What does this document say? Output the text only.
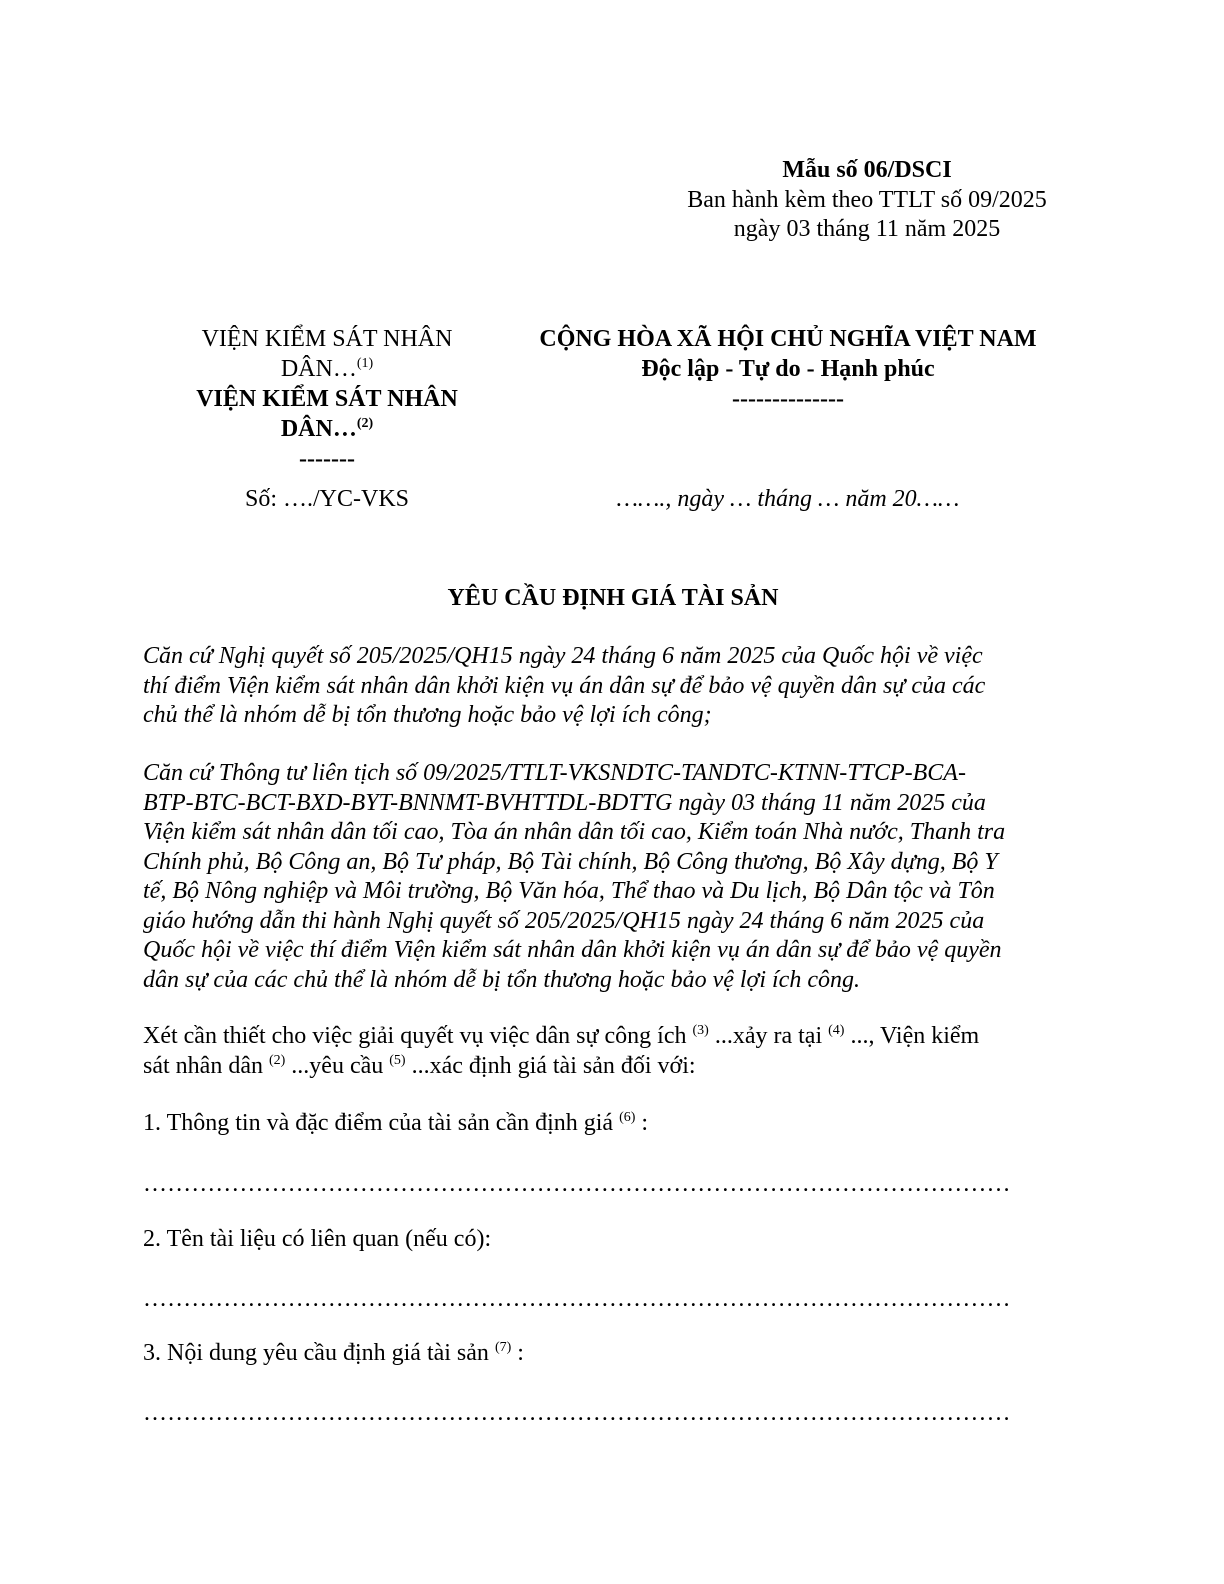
Mẫu số 06/DSCI
Ban hành kèm theo TTLT số 09/2025
ngày 03 tháng 11 năm 2025
VIỆN KIỂM SÁT NHÂN
DÂN…$^{(1)}$
VIỆN KIỂM SÁT NHÂN
DÂN…$^{(2)}$
-------
CỘNG HÒA XÃ HỘI CHỦ NGHĨA VIỆT NAM
Độc lập - Tự do - Hạnh phúc
--------------
Số: …./YC-VKS	……., ngày … tháng … năm 20……
YÊU CẦU ĐỊNH GIÁ TÀI SẢN
Căn cứ Nghị quyết số 205/2025/QH15 ngày 24 tháng 6 năm 2025 của Quốc hội về việc
thí điểm Viện kiểm sát nhân dân khởi kiện vụ án dân sự để bảo vệ quyền dân sự của các
chủ thể là nhóm dễ bị tổn thương hoặc bảo vệ lợi ích công;
Căn cứ Thông tư liên tịch số 09/2025/TTLT-VKSNDTC-TANDTC-KTNN-TTCP-BCA-
BTP-BTC-BCT-BXD-BYT-BNNMT-BVHTTDL-BDTTG ngày 03 tháng 11 năm 2025 của
Viện kiểm sát nhân dân tối cao, Tòa án nhân dân tối cao, Kiểm toán Nhà nước, Thanh tra
Chính phủ, Bộ Công an, Bộ Tư pháp, Bộ Tài chính, Bộ Công thương, Bộ Xây dựng, Bộ Y
tế, Bộ Nông nghiệp và Môi trường, Bộ Văn hóa, Thể thao và Du lịch, Bộ Dân tộc và Tôn
giáo hướng dẫn thi hành Nghị quyết số 205/2025/QH15 ngày 24 tháng 6 năm 2025 của
Quốc hội về việc thí điểm Viện kiểm sát nhân dân khởi kiện vụ án dân sự để bảo vệ quyền
dân sự của các chủ thể là nhóm dễ bị tổn thương hoặc bảo vệ lợi ích công.
Xét cần thiết cho việc giải quyết vụ việc dân sự công ích $^{(3)}$ ...xảy ra tại $^{(4)}$ ..., Viện kiểm
sát nhân dân $^{(2)}$ ...yêu cầu $^{(5)}$ ...xác định giá tài sản đối với:
1. Thông tin và đặc điểm của tài sản cần định giá $^{(6)}$ :
………………………………………………………………………………………………
2. Tên tài liệu có liên quan (nếu có):
………………………………………………………………………………………………
3. Nội dung yêu cầu định giá tài sản $^{(7)}$ :
………………………………………………………………………………………………
